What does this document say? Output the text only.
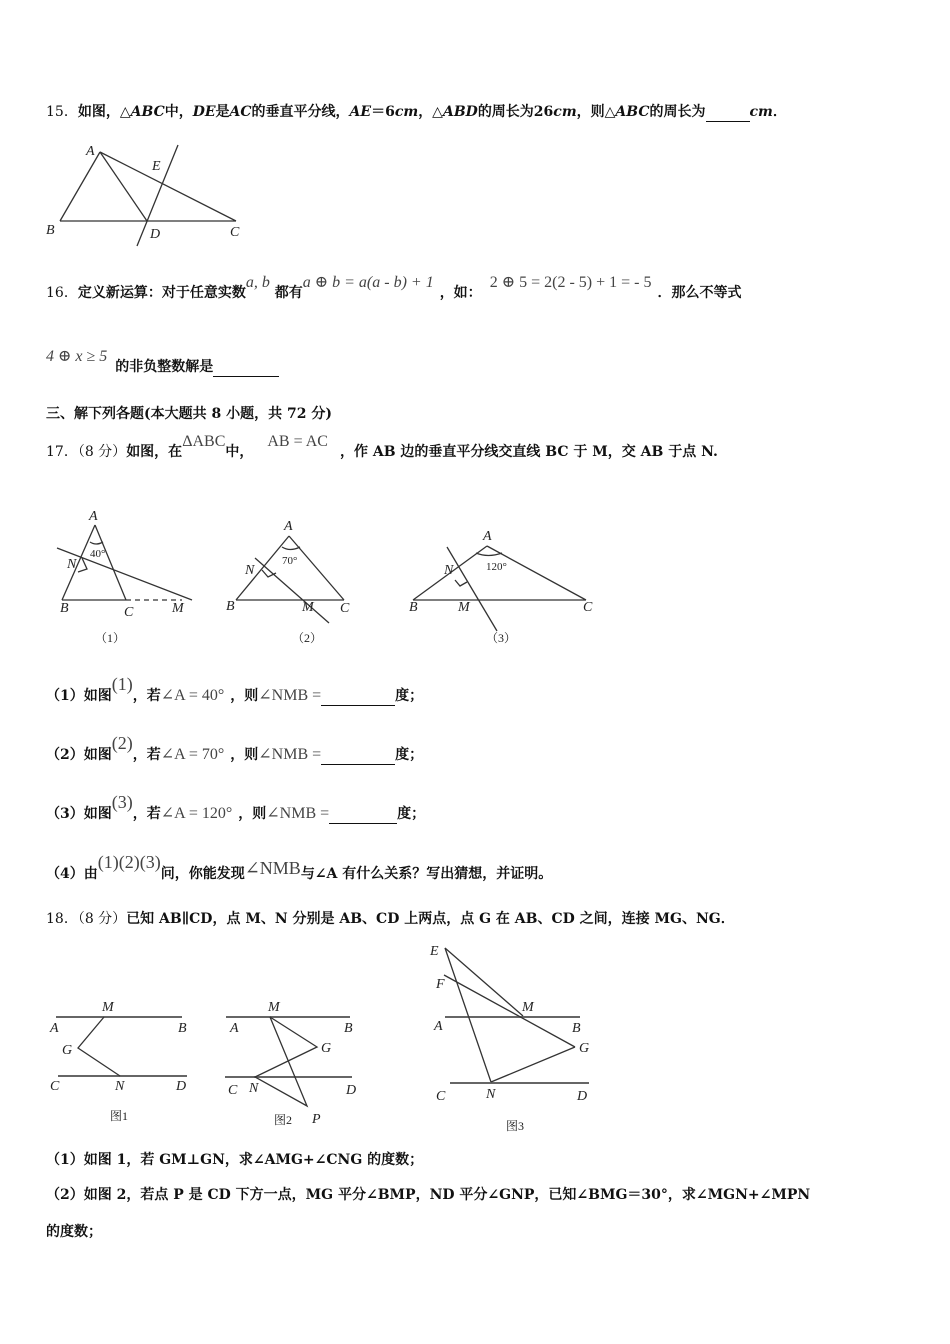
15．如图，△ABC中，DE是AC的垂直平分线，AE＝6cm，△ABD的周长为26cm，则△ABC的周长为	cm．
A
B	C
D
E
16．定义新运算：对于任意实数a, b 都有a ⊕ b = a(a - b) + 1，如：2 ⊕ 5 = 2(2 - 5) + 1 = - 5．那么不等式
4 ⊕ x ≥ 5的非负整数解是
三、解下列各题(本大题共 8 小题，共 72 分)
17．（8 分）如图，在ΔABC中，AB = AC，作 AB 边的垂直平分线交直线 BC 于 M，交 AB 于点 N.
A
B	C	M
N
40°
（1）
A
B	M C
N
70°
（2）
A
B	M	C
N	120°
（3）
（1）如图(1)，若∠A = 40° ，则∠NMB =	度；
（2）如图(2)，若∠A = 70° ，则∠NMB =	度；
（3）如图(3)，若∠A = 120° ，则∠NMB =	度；
（4）由(1)(2)(3)问，你能发现∠NMB与∠A 有什么关系？写出猜想，并证明。
18．（8 分）已知 AB∥CD，点 M、N 分别是 AB、CD 上两点，点 G 在 AB、CD 之间，连接 MG、NG．
M
A	B
G
C	N	D
图1
M
A	B
G
C N	D
P
图2
E
F
M
A	B
G
C	N	D
图3
（1）如图 1，若 GM⊥GN，求∠AMG+∠CNG 的度数；
（2）如图 2，若点 P 是 CD 下方一点，MG 平分∠BMP，ND 平分∠GNP，已知∠BMG＝30°，求∠MGN+∠MPN
的度数；
